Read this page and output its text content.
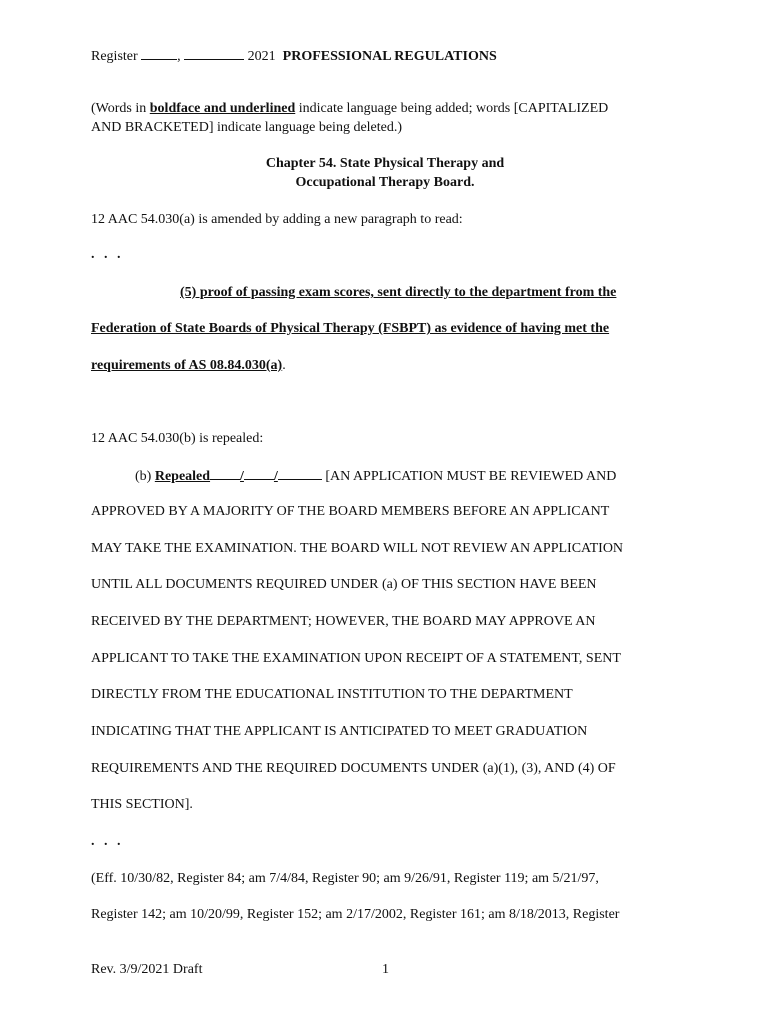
Register	,	2021 PROFESSIONAL REGULATIONS
(Words in boldface and underlined indicate language being added; words [CAPITALIZED
AND BRACKETED] indicate language being deleted.)
Chapter 54. State Physical Therapy and
Occupational Therapy Board.
12 AAC 54.030(a) is amended by adding a new paragraph to read:
. . .
(5) proof of passing exam scores, sent directly to the department from the
Federation of State Boards of Physical Therapy (FSBPT) as evidence of having met the
requirements of AS 08.84.030(a).
12 AAC 54.030(b) is repealed:
(b) Repealed / /	[AN APPLICATION MUST BE REVIEWED AND
APPROVED BY A MAJORITY OF THE BOARD MEMBERS BEFORE AN APPLICANT
MAY TAKE THE EXAMINATION. THE BOARD WILL NOT REVIEW AN APPLICATION
UNTIL ALL DOCUMENTS REQUIRED UNDER (a) OF THIS SECTION HAVE BEEN
RECEIVED BY THE DEPARTMENT; HOWEVER, THE BOARD MAY APPROVE AN
APPLICANT TO TAKE THE EXAMINATION UPON RECEIPT OF A STATEMENT, SENT
DIRECTLY FROM THE EDUCATIONAL INSTITUTION TO THE DEPARTMENT
INDICATING THAT THE APPLICANT IS ANTICIPATED TO MEET GRADUATION
REQUIREMENTS AND THE REQUIRED DOCUMENTS UNDER (a)(1), (3), AND (4) OF
THIS SECTION].
. . .
(Eff. 10/30/82, Register 84; am 7/4/84, Register 90; am 9/26/91, Register 119; am 5/21/97,
Register 142; am 10/20/99, Register 152; am 2/17/2002, Register 161; am 8/18/2013, Register
Rev. 3/9/2021 Draft	1
